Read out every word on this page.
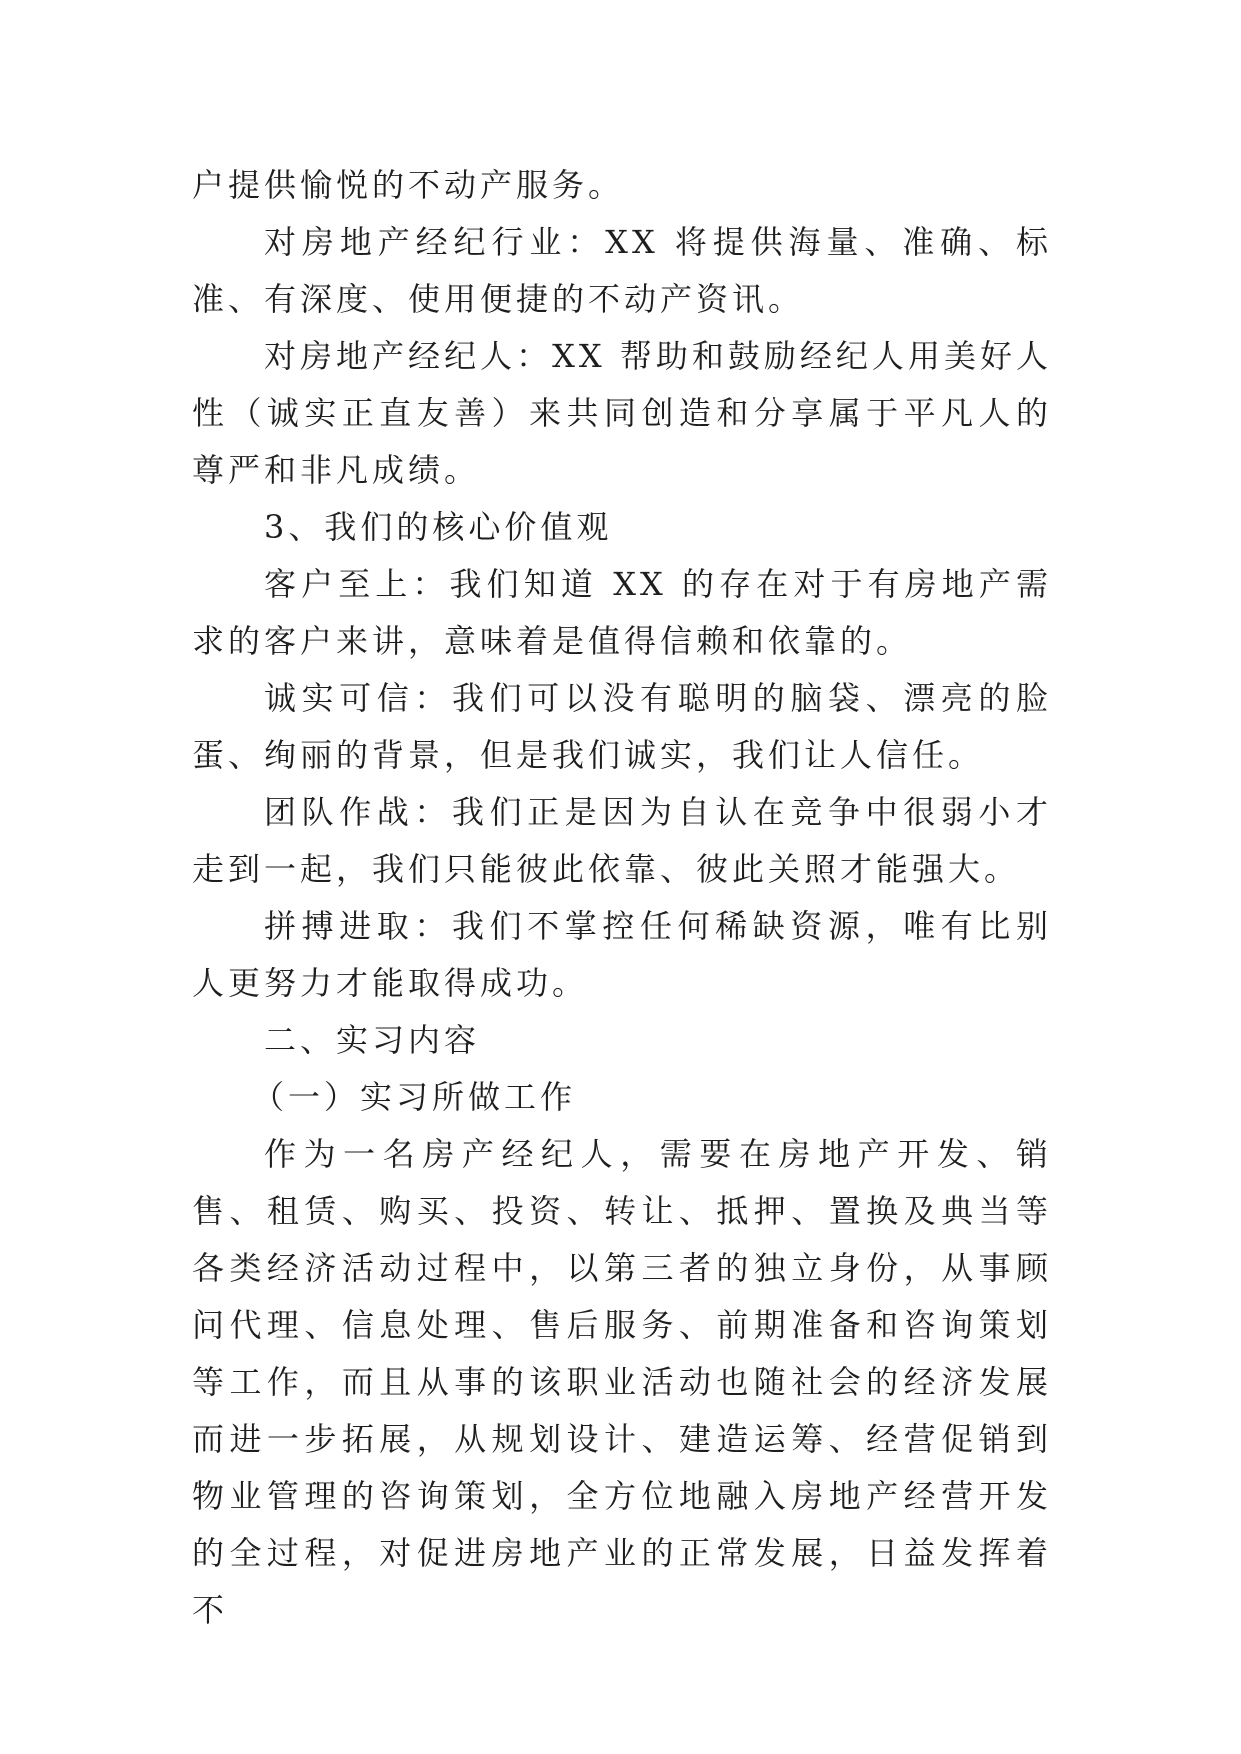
户提供愉悦的不动产服务。

对房地产经纪行业：XX 将提供海量、准确、标准、有深度、使用便捷的不动产资讯。

对房地产经纪人：XX 帮助和鼓励经纪人用美好人性（诚实正直友善）来共同创造和分享属于平凡人的尊严和非凡成绩。

3、我们的核心价值观

客户至上：我们知道 XX 的存在对于有房地产需求的客户来讲，意味着是值得信赖和依靠的。

诚实可信：我们可以没有聪明的脑袋、漂亮的脸蛋、绚丽的背景，但是我们诚实，我们让人信任。

团队作战：我们正是因为自认在竞争中很弱小才走到一起，我们只能彼此依靠、彼此关照才能强大。

拼搏进取：我们不掌控任何稀缺资源，唯有比别人更努力才能取得成功。

二、实习内容

（一）实习所做工作

作为一名房产经纪人，需要在房地产开发、销售、租赁、购买、投资、转让、抵押、置换及典当等各类经济活动过程中，以第三者的独立身份，从事顾问代理、信息处理、售后服务、前期准备和咨询策划等工作，而且从事的该职业活动也随社会的经济发展而进一步拓展，从规划设计、建造运筹、经营促销到物业管理的咨询策划，全方位地融入房地产经营开发的全过程，对促进房地产业的正常发展，日益发挥着不
